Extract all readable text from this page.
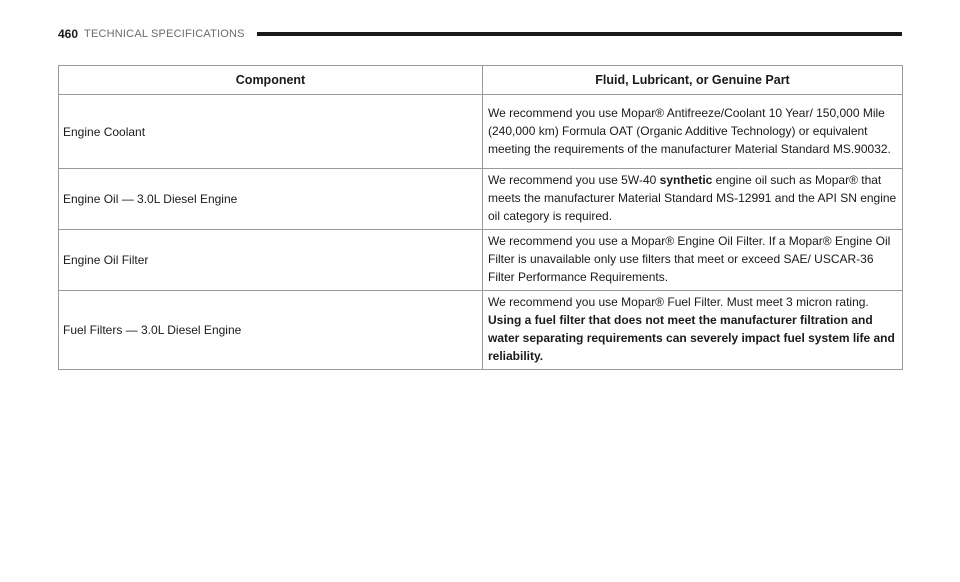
460 TECHNICAL SPECIFICATIONS
Component	Fluid, Lubricant, or Genuine Part
Engine Coolant	We recommend you use Mopar® Antifreeze/Coolant 10 Year/ 150,000 Mile (240,000 km) Formula OAT (Organic Additive Technology) or equivalent meeting the requirements of the manufacturer Material Standard MS.90032.
Engine Oil — 3.0L Diesel Engine	We recommend you use 5W-40 synthetic engine oil such as Mopar® that meets the manufacturer Material Standard MS-12991 and the API SN engine oil category is required.
Engine Oil Filter	We recommend you use a Mopar® Engine Oil Filter. If a Mopar® Engine Oil Filter is unavailable only use filters that meet or exceed SAE/ USCAR-36 Filter Performance Requirements.
Fuel Filters — 3.0L Diesel Engine	We recommend you use Mopar® Fuel Filter. Must meet 3 micron rating.
Using a fuel filter that does not meet the manufacturer filtration and water separating requirements can severely impact fuel system life and reliability.
